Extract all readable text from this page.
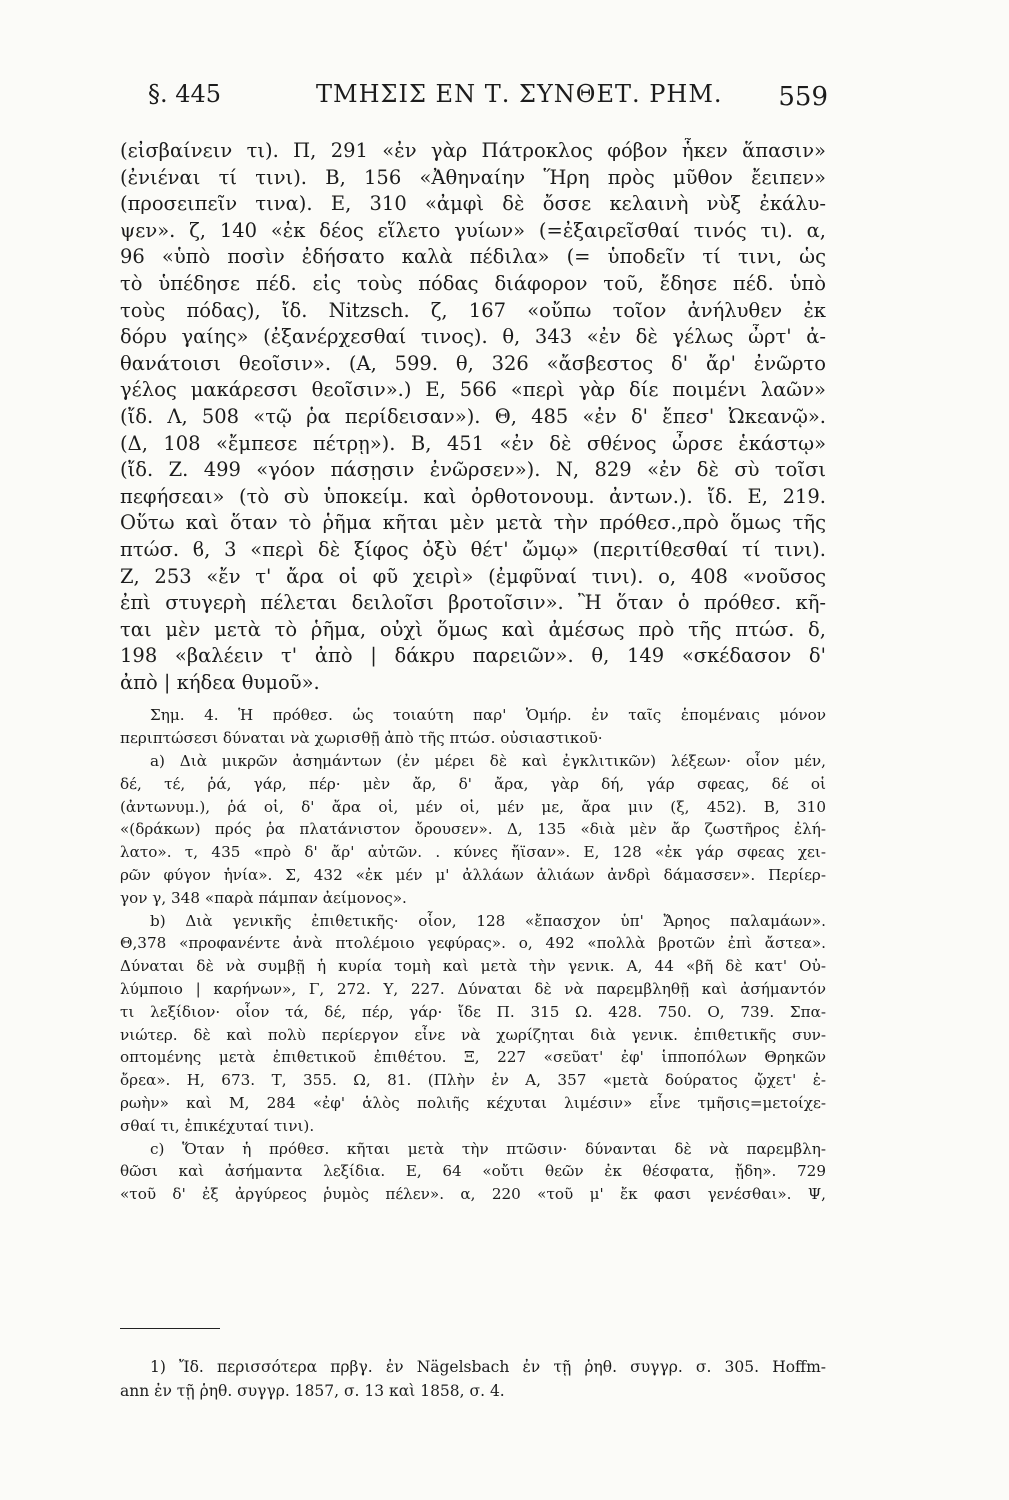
§. 445	ΤΜΗΣΙΣ ΕΝ Τ. ΣΥΝΘΕΤ. ΡΗΜ. 559
(εἰσβαίνειν τι). Π, 291 «ἐν γὰρ Πάτροκλος φόβον ἧκεν ἅπασιν»
(ἐνιέναι τί τινι). Β, 156 «Ἀθηναίην Ἥρη πρὸς μῦθον ἔειπεν»
(προσειπεῖν τινα). Ε, 310 «ἀμφὶ δὲ ὄσσε κελαινὴ νὺξ ἐκάλυ-
ψεν». ζ, 140 «ἐκ δέος εἵλετο γυίων» (=ἐξαιρεῖσθαί τινός τι). α,
96 «ὑπὸ ποσὶν ἐδήσατο καλὰ πέδιλα» (= ὑποδεῖν τί τινι, ὡς
τὸ ὑπέδησε πέδ. εἰς τοὺς πόδας διάφορον τοῦ, ἔδησε πέδ. ὑπὸ
τοὺς πόδας), ἴδ. Nitzsch. ζ, 167 «οὔπω τοῖον ἀνήλυθεν ἐκ
δόρυ γαίης» (ἐξανέρχεσθαί τινος). θ, 343 «ἐν δὲ γέλως ὦρτ' ἀ-
θανάτοισι θεοῖσιν». (Α, 599. θ, 326 «ἄσβεστος δ' ἄρ' ἐνῶρτο
γέλος μακάρεσσι θεοῖσιν».) Ε, 566 «περὶ γὰρ δίε ποιμένι λαῶν»
(ἴδ. Λ, 508 «τῷ ῥα περίδεισαν»). Θ, 485 «ἐν δ' ἔπεσ' Ὠκεανῷ».
(Δ, 108 «ἔμπεσε πέτρῃ»). Β, 451 «ἐν δὲ σθένος ὦρσε ἑκάστῳ»
(ἴδ. Ζ. 499 «γόον πάσῃσιν ἐνῶρσεν»). Ν, 829 «ἐν δὲ σὺ τοῖσι
πεφήσεαι» (τὸ σὺ ὑποκείμ. καὶ ὀρθοτονουμ. ἀντων.). ἴδ. Ε, 219.
Οὕτω καὶ ὅταν τὸ ῥῆμα κῆται μὲν μετὰ τὴν πρόθεσ.,πρὸ ὅμως τῆς
πτώσ. ϐ, 3 «περὶ δὲ ξίφος ὀξὺ θέτ' ὤμῳ» (περιτίθεσθαί τί τινι).
Ζ, 253 «ἔν τ' ἄρα οἱ φῦ χειρὶ» (ἐμφῦναί τινι). ο, 408 «νοῦσος
ἐπὶ στυγερὴ πέλεται δειλοῖσι βροτοῖσιν». Ἢ ὅταν ὁ πρόθεσ. κῆ-
ται μὲν μετὰ τὸ ῥῆμα, οὐχὶ ὅμως καὶ ἀμέσως πρὸ τῆς πτώσ. δ,
198 «βαλέειν τ' ἀπὸ | δάκρυ παρειῶν». θ, 149 «σκέδασον δ'
ἀπὸ | κήδεα θυμοῦ».
Σημ. 4. Ἡ πρόθεσ. ὡς τοιαύτη παρ' Ὁμήρ. ἐν ταῖς ἑπομέναις μόνον
περιπτώσεσι δύναται νὰ χωρισθῇ ἀπὸ τῆς πτώσ. οὐσιαστικοῦ·
a) Διὰ μικρῶν ἀσημάντων (ἐν μέρει δὲ καὶ ἐγκλιτικῶν) λέξεων· οἷον μέν,
δέ, τέ, ῥά, γάρ, πέρ· μὲν ἄρ, δ' ἄρα, γὰρ δή, γάρ σφεας, δέ οἱ
(ἀντωνυμ.), ῥά οἱ, δ' ἄρα οἱ, μέν οἱ, μέν με, ἄρα μιν (ξ, 452). Β, 310
«(δράκων) πρός ῥα πλατάνιστον ὄρουσεν». Δ, 135 «διὰ μὲν ἄρ ζωστῆρος ἐλή-
λατο». τ, 435 «πρὸ δ' ἄρ' αὐτῶν. . κύνες ἤϊσαν». Ε, 128 «ἐκ γάρ σφεας χει-
ρῶν φύγον ἡνία». Σ, 432 «ἐκ μέν μ' ἀλλάων ἁλιάων ἀνδρὶ δάμασσεν». Περίερ-
γον γ, 348 «παρὰ πάμπαν ἀείμονος».
b) Διὰ γενικῆς ἐπιθετικῆς· οἷον, 128 «ἔπασχον ὑπ' Ἄρηος παλαμάων».
Θ,378 «προφανέντε ἀνὰ πτολέμοιο γεφύρας». ο, 492 «πολλὰ βροτῶν ἐπὶ ἄστεα».
Δύναται δὲ νὰ συμβῇ ἡ κυρία τομὴ καὶ μετὰ τὴν γενικ. Α, 44 «βῆ δὲ κατ' Οὐ-
λύμποιο | καρήνων», Γ, 272. Υ, 227. Δύναται δὲ νὰ παρεμβληθῇ καὶ ἀσήμαντόν
τι λεξίδιον· οἷον τά, δέ, πέρ, γάρ· ἴδε Π. 315 Ω. 428. 750. Ο, 739. Σπα-
νιώτερ. δὲ καὶ πολὺ περίεργον εἶνε νὰ χωρίζηται διὰ γενικ. ἐπιθετικῆς συν-
οπτομένης μετὰ ἐπιθετικοῦ ἐπιθέτου. Ξ, 227 «σεῦατ' ἐφ' ἱπποπόλων Θρηκῶν
ὄρεα». Η, 673. Τ, 355. Ω, 81. (Πλὴν ἐν Α, 357 «μετὰ δούρατος ᾤχετ' ἐ-
ρωὴν» καὶ Μ, 284 «ἐφ' ἁλὸς πολιῆς κέχυται λιμέσιν» εἶνε τμῆσις=μετοίχε-
σθαί τι, ἐπικέχυταί τινι).
c) Ὅταν ἡ πρόθεσ. κῆται μετὰ τὴν πτῶσιν· δύνανται δὲ νὰ παρεμβλη-
θῶσι καὶ ἀσήμαντα λεξίδια. Ε, 64 «οὔτι θεῶν ἐκ θέσφατα, ᾔδη». 729
«τοῦ δ' ἐξ ἀργύρεος ῥυμὸς πέλεν». α, 220 «τοῦ μ' ἔκ φασι γενέσθαι». Ψ,
1) Ἴδ. περισσότερα πρβγ. ἐν Nägelsbach ἐν τῇ ῥηθ. συγγρ. σ. 305. Hoffm-
ann ἐν τῇ ῥηθ. συγγρ. 1857, σ. 13 καὶ 1858, σ. 4.
